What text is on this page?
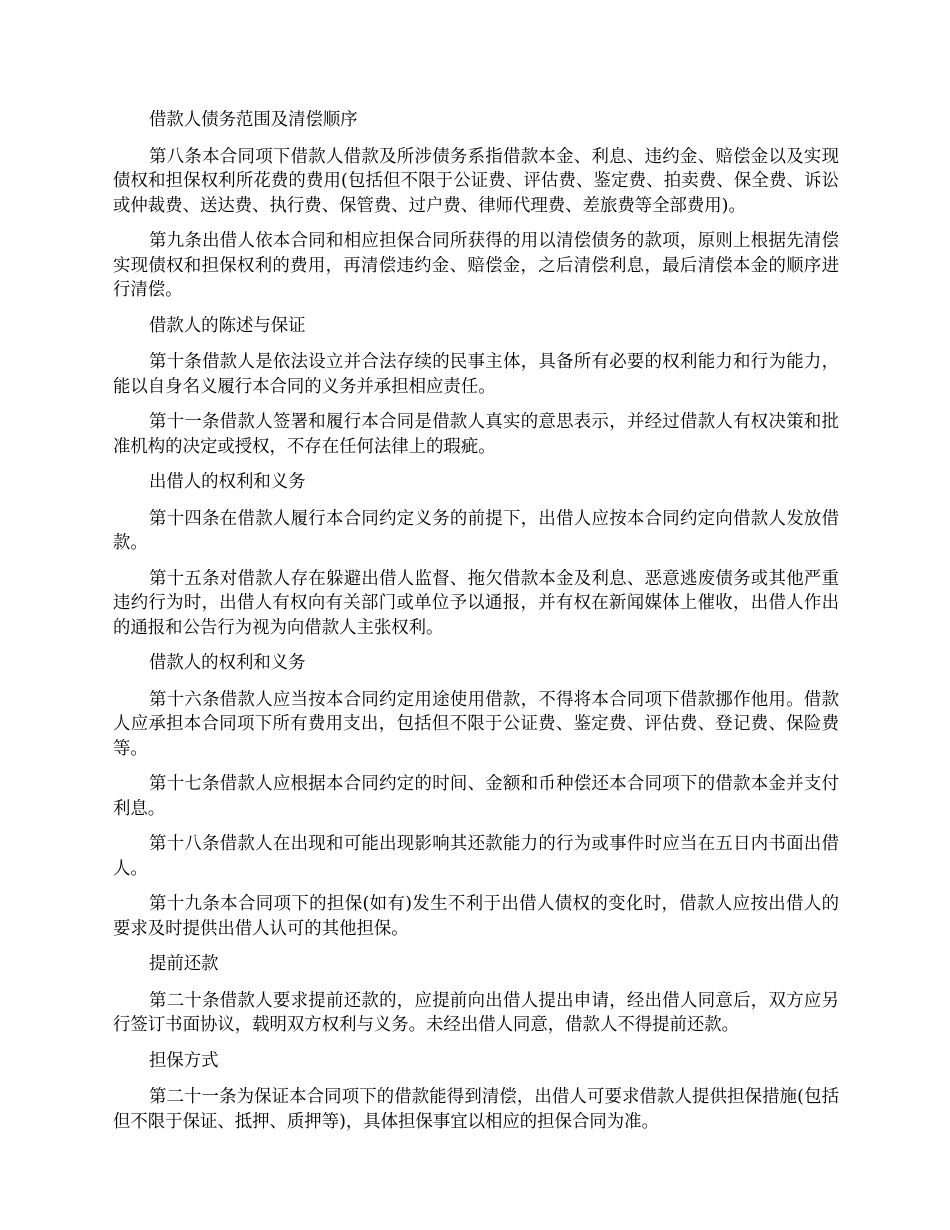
借款人债务范围及清偿顺序

第八条本合同项下借款人借款及所涉债务系指借款本金、利息、违约金、赔偿金以及实现债权和担保权利所花费的费用(包括但不限于公证费、评估费、鉴定费、拍卖费、保全费、诉讼或仲裁费、送达费、执行费、保管费、过户费、律师代理费、差旅费等全部费用)。

第九条出借人依本合同和相应担保合同所获得的用以清偿债务的款项，原则上根据先清偿实现债权和担保权利的费用，再清偿违约金、赔偿金，之后清偿利息，最后清偿本金的顺序进行清偿。

借款人的陈述与保证

第十条借款人是依法设立并合法存续的民事主体，具备所有必要的权利能力和行为能力，能以自身名义履行本合同的义务并承担相应责任。

第十一条借款人签署和履行本合同是借款人真实的意思表示，并经过借款人有权决策和批准机构的决定或授权，不存在任何法律上的瑕疵。

出借人的权利和义务

第十四条在借款人履行本合同约定义务的前提下，出借人应按本合同约定向借款人发放借款。

第十五条对借款人存在躲避出借人监督、拖欠借款本金及利息、恶意逃废债务或其他严重违约行为时，出借人有权向有关部门或单位予以通报，并有权在新闻媒体上催收，出借人作出的通报和公告行为视为向借款人主张权利。

借款人的权利和义务

第十六条借款人应当按本合同约定用途使用借款，不得将本合同项下借款挪作他用。借款人应承担本合同项下所有费用支出，包括但不限于公证费、鉴定费、评估费、登记费、保险费等。

第十七条借款人应根据本合同约定的时间、金额和币种偿还本合同项下的借款本金并支付利息。

第十八条借款人在出现和可能出现影响其还款能力的行为或事件时应当在五日内书面出借人。

第十九条本合同项下的担保(如有)发生不利于出借人债权的变化时，借款人应按出借人的要求及时提供出借人认可的其他担保。

提前还款

第二十条借款人要求提前还款的，应提前向出借人提出申请，经出借人同意后，双方应另行签订书面协议，载明双方权利与义务。未经出借人同意，借款人不得提前还款。

担保方式

第二十一条为保证本合同项下的借款能得到清偿，出借人可要求借款人提供担保措施(包括但不限于保证、抵押、质押等)，具体担保事宜以相应的担保合同为准。
